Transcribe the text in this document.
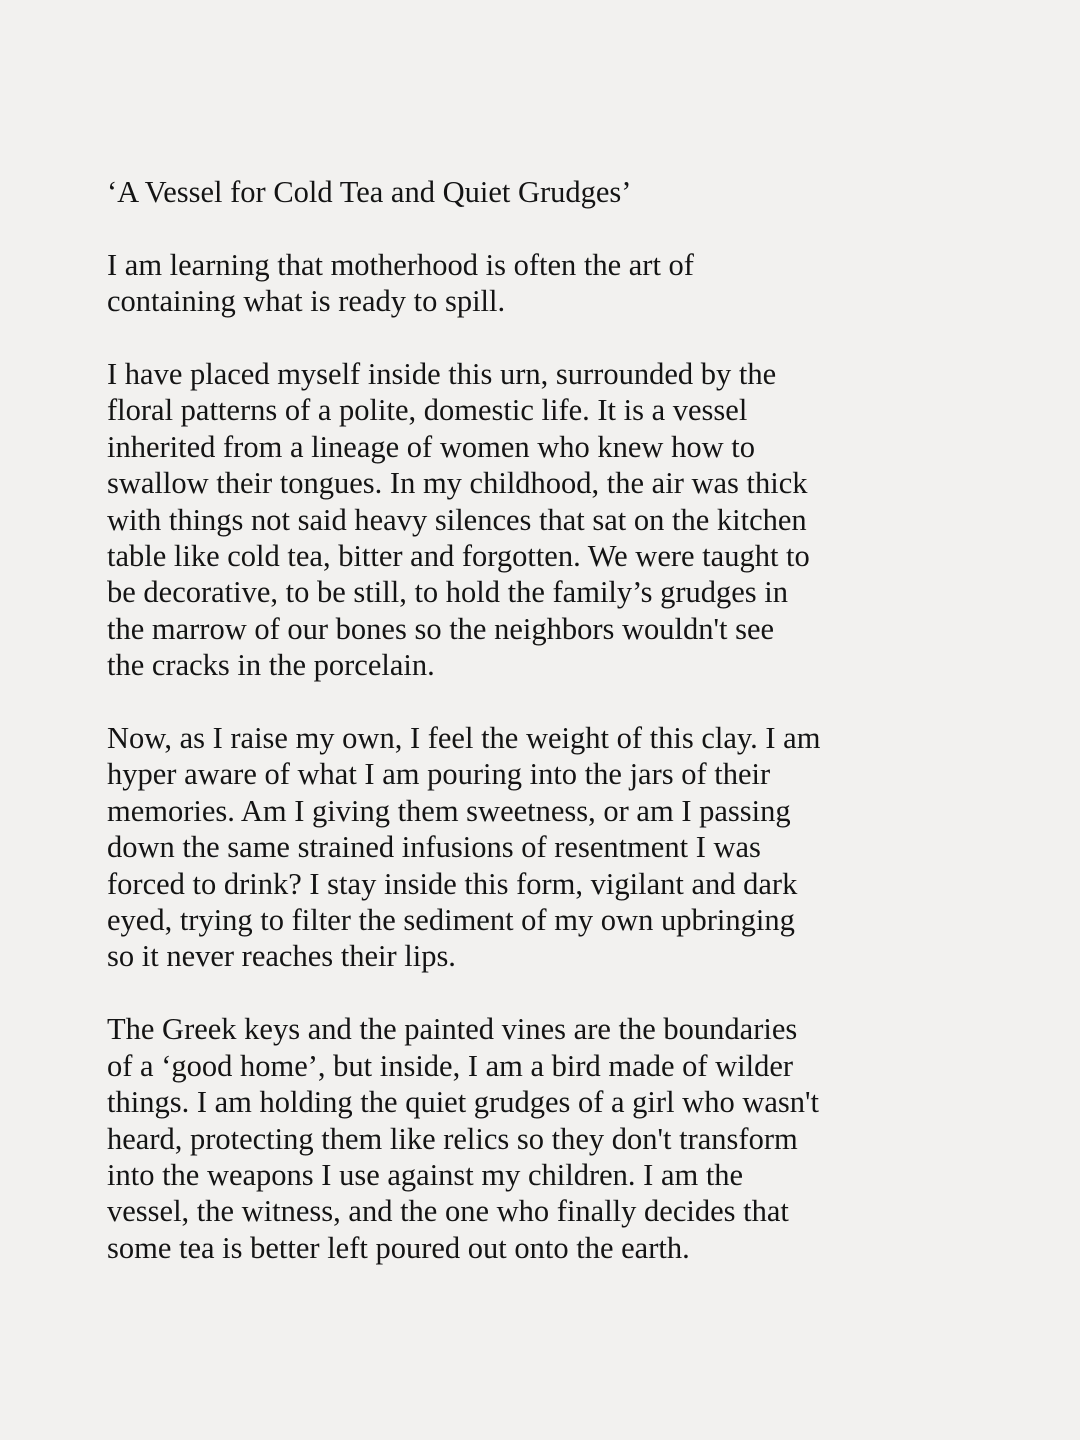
‘A Vessel for Cold Tea and Quiet Grudges’
I am learning that motherhood is often the art of
containing what is ready to spill.
I have placed myself inside this urn, surrounded by the
floral patterns of a polite, domestic life. It is a vessel
inherited from a lineage of women who knew how to
swallow their tongues. In my childhood, the air was thick
with things not said heavy silences that sat on the kitchen
table like cold tea, bitter and forgotten. We were taught to
be decorative, to be still, to hold the family’s grudges in
the marrow of our bones so the neighbors wouldn't see
the cracks in the porcelain.
Now, as I raise my own, I feel the weight of this clay. I am
hyper aware of what I am pouring into the jars of their
memories. Am I giving them sweetness, or am I passing
down the same strained infusions of resentment I was
forced to drink? I stay inside this form, vigilant and dark
eyed, trying to filter the sediment of my own upbringing
so it never reaches their lips.
The Greek keys and the painted vines are the boundaries
of a ‘good home’, but inside, I am a bird made of wilder
things. I am holding the quiet grudges of a girl who wasn't
heard, protecting them like relics so they don't transform
into the weapons I use against my children. I am the
vessel, the witness, and the one who finally decides that
some tea is better left poured out onto the earth.
